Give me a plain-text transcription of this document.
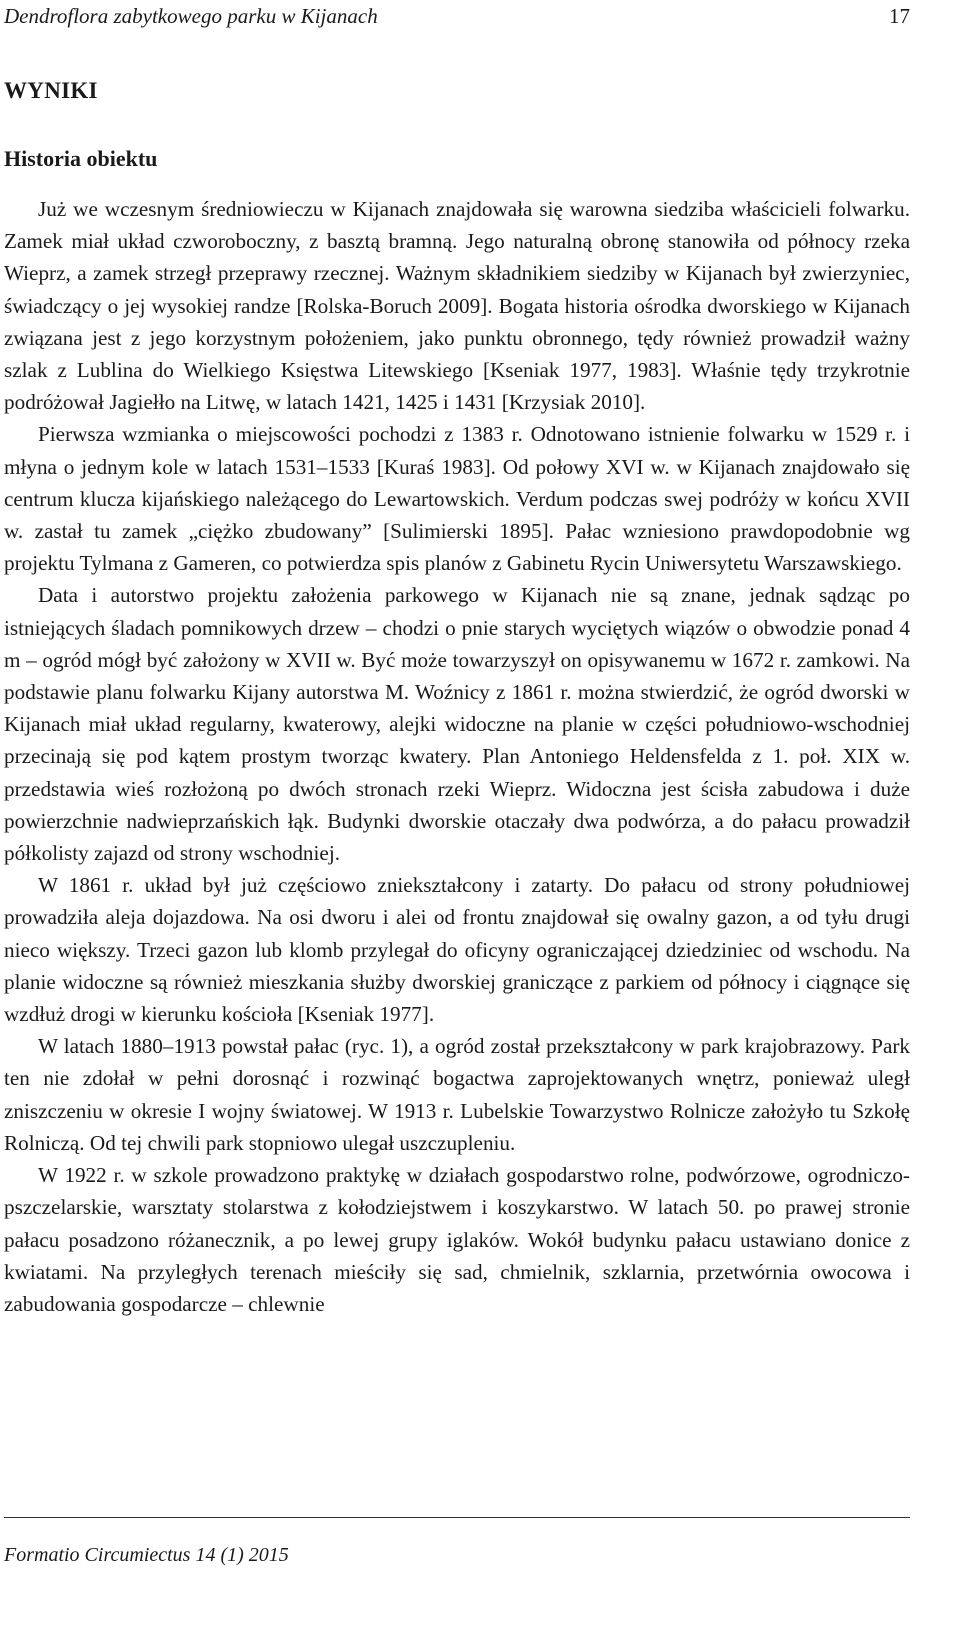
Dendroflora zabytkowego parku w Kijanach	17
WYNIKI
Historia obiektu

Już we wczesnym średniowieczu w Kijanach znajdowała się warowna siedziba właścicieli folwarku. Zamek miał układ czworoboczny, z basztą bramną. Jego naturalną obronę stanowiła od północy rzeka Wieprz, a zamek strzegł przeprawy rzecznej. Ważnym składnikiem siedziby w Kijanach był zwierzyniec, świadczący o jej wysokiej randze [Rolska-Boruch 2009]. Bogata historia ośrodka dworskiego w Kijanach związana jest z jego korzystnym położeniem, jako punktu obronnego, tędy również prowadził ważny szlak z Lublina do Wielkiego Księstwa Litewskiego [Kseniak 1977, 1983]. Właśnie tędy trzykrotnie podróżował Jagiełło na Litwę, w latach 1421, 1425 i 1431 [Krzysiak 2010].

Pierwsza wzmianka o miejscowości pochodzi z 1383 r. Odnotowano istnienie folwarku w 1529 r. i młyna o jednym kole w latach 1531–1533 [Kuraś 1983]. Od połowy XVI w. w Kijanach znajdowało się centrum klucza kijańskiego należącego do Lewartowskich. Verdum podczas swej podróży w końcu XVII w. zastał tu zamek „ciężko zbudowany” [Sulimierski 1895]. Pałac wzniesiono prawdopodobnie wg projektu Tylmana z Gameren, co potwierdza spis planów z Gabinetu Rycin Uniwersytetu Warszawskiego.

Data i autorstwo projektu założenia parkowego w Kijanach nie są znane, jednak sądząc po istniejących śladach pomnikowych drzew – chodzi o pnie starych wyciętych wiązów o obwodzie ponad 4 m – ogród mógł być założony w XVII w. Być może towarzyszył on opisywanemu w 1672 r. zamkowi. Na podstawie planu folwarku Kijany autorstwa M. Woźnicy z 1861 r. można stwierdzić, że ogród dworski w Kijanach miał układ regularny, kwaterowy, alejki widoczne na planie w części południowo-wschodniej przecinają się pod kątem prostym tworząc kwatery. Plan Antoniego Heldensfelda z 1. poł. XIX w. przedstawia wieś rozłożoną po dwóch stronach rzeki Wieprz. Widoczna jest ścisła zabudowa i duże powierzchnie nadwieprzańskich łąk. Budynki dworskie otaczały dwa podwórza, a do pałacu prowadził półkolisty zajazd od strony wschodniej.

W 1861 r. układ był już częściowo zniekształcony i zatarty. Do pałacu od strony południowej prowadziła aleja dojazdowa. Na osi dworu i alei od frontu znajdował się owalny gazon, a od tyłu drugi nieco większy. Trzeci gazon lub klomb przylegał do oficyny ograniczającej dziedziniec od wschodu. Na planie widoczne są również mieszkania służby dworskiej graniczące z parkiem od północy i ciągnące się wzdłuż drogi w kierunku kościoła [Kseniak 1977].

W latach 1880–1913 powstał pałac (ryc. 1), a ogród został przekształcony w park krajobrazowy. Park ten nie zdołał w pełni dorosnąć i rozwinąć bogactwa zaprojektowanych wnętrz, ponieważ uległ zniszczeniu w okresie I wojny światowej. W 1913 r. Lubelskie Towarzystwo Rolnicze założyło tu Szkołę Rolniczą. Od tej chwili park stopniowo ulegał uszczupleniu.

W 1922 r. w szkole prowadzono praktykę w działach gospodarstwo rolne, podwórzowe, ogrodniczo-pszczelarskie, warsztaty stolarstwa z kołodziejstwem i koszykarstwo. W latach 50. po prawej stronie pałacu posadzono różanecznik, a po lewej grupy iglaków. Wokół budynku pałacu ustawiano donice z kwiatami. Na przyległych terenach mieściły się sad, chmielnik, szklarnia, przetwórnia owocowa i zabudowania gospodarcze – chlewnie

Formatio Circumiectus 14 (1) 2015
